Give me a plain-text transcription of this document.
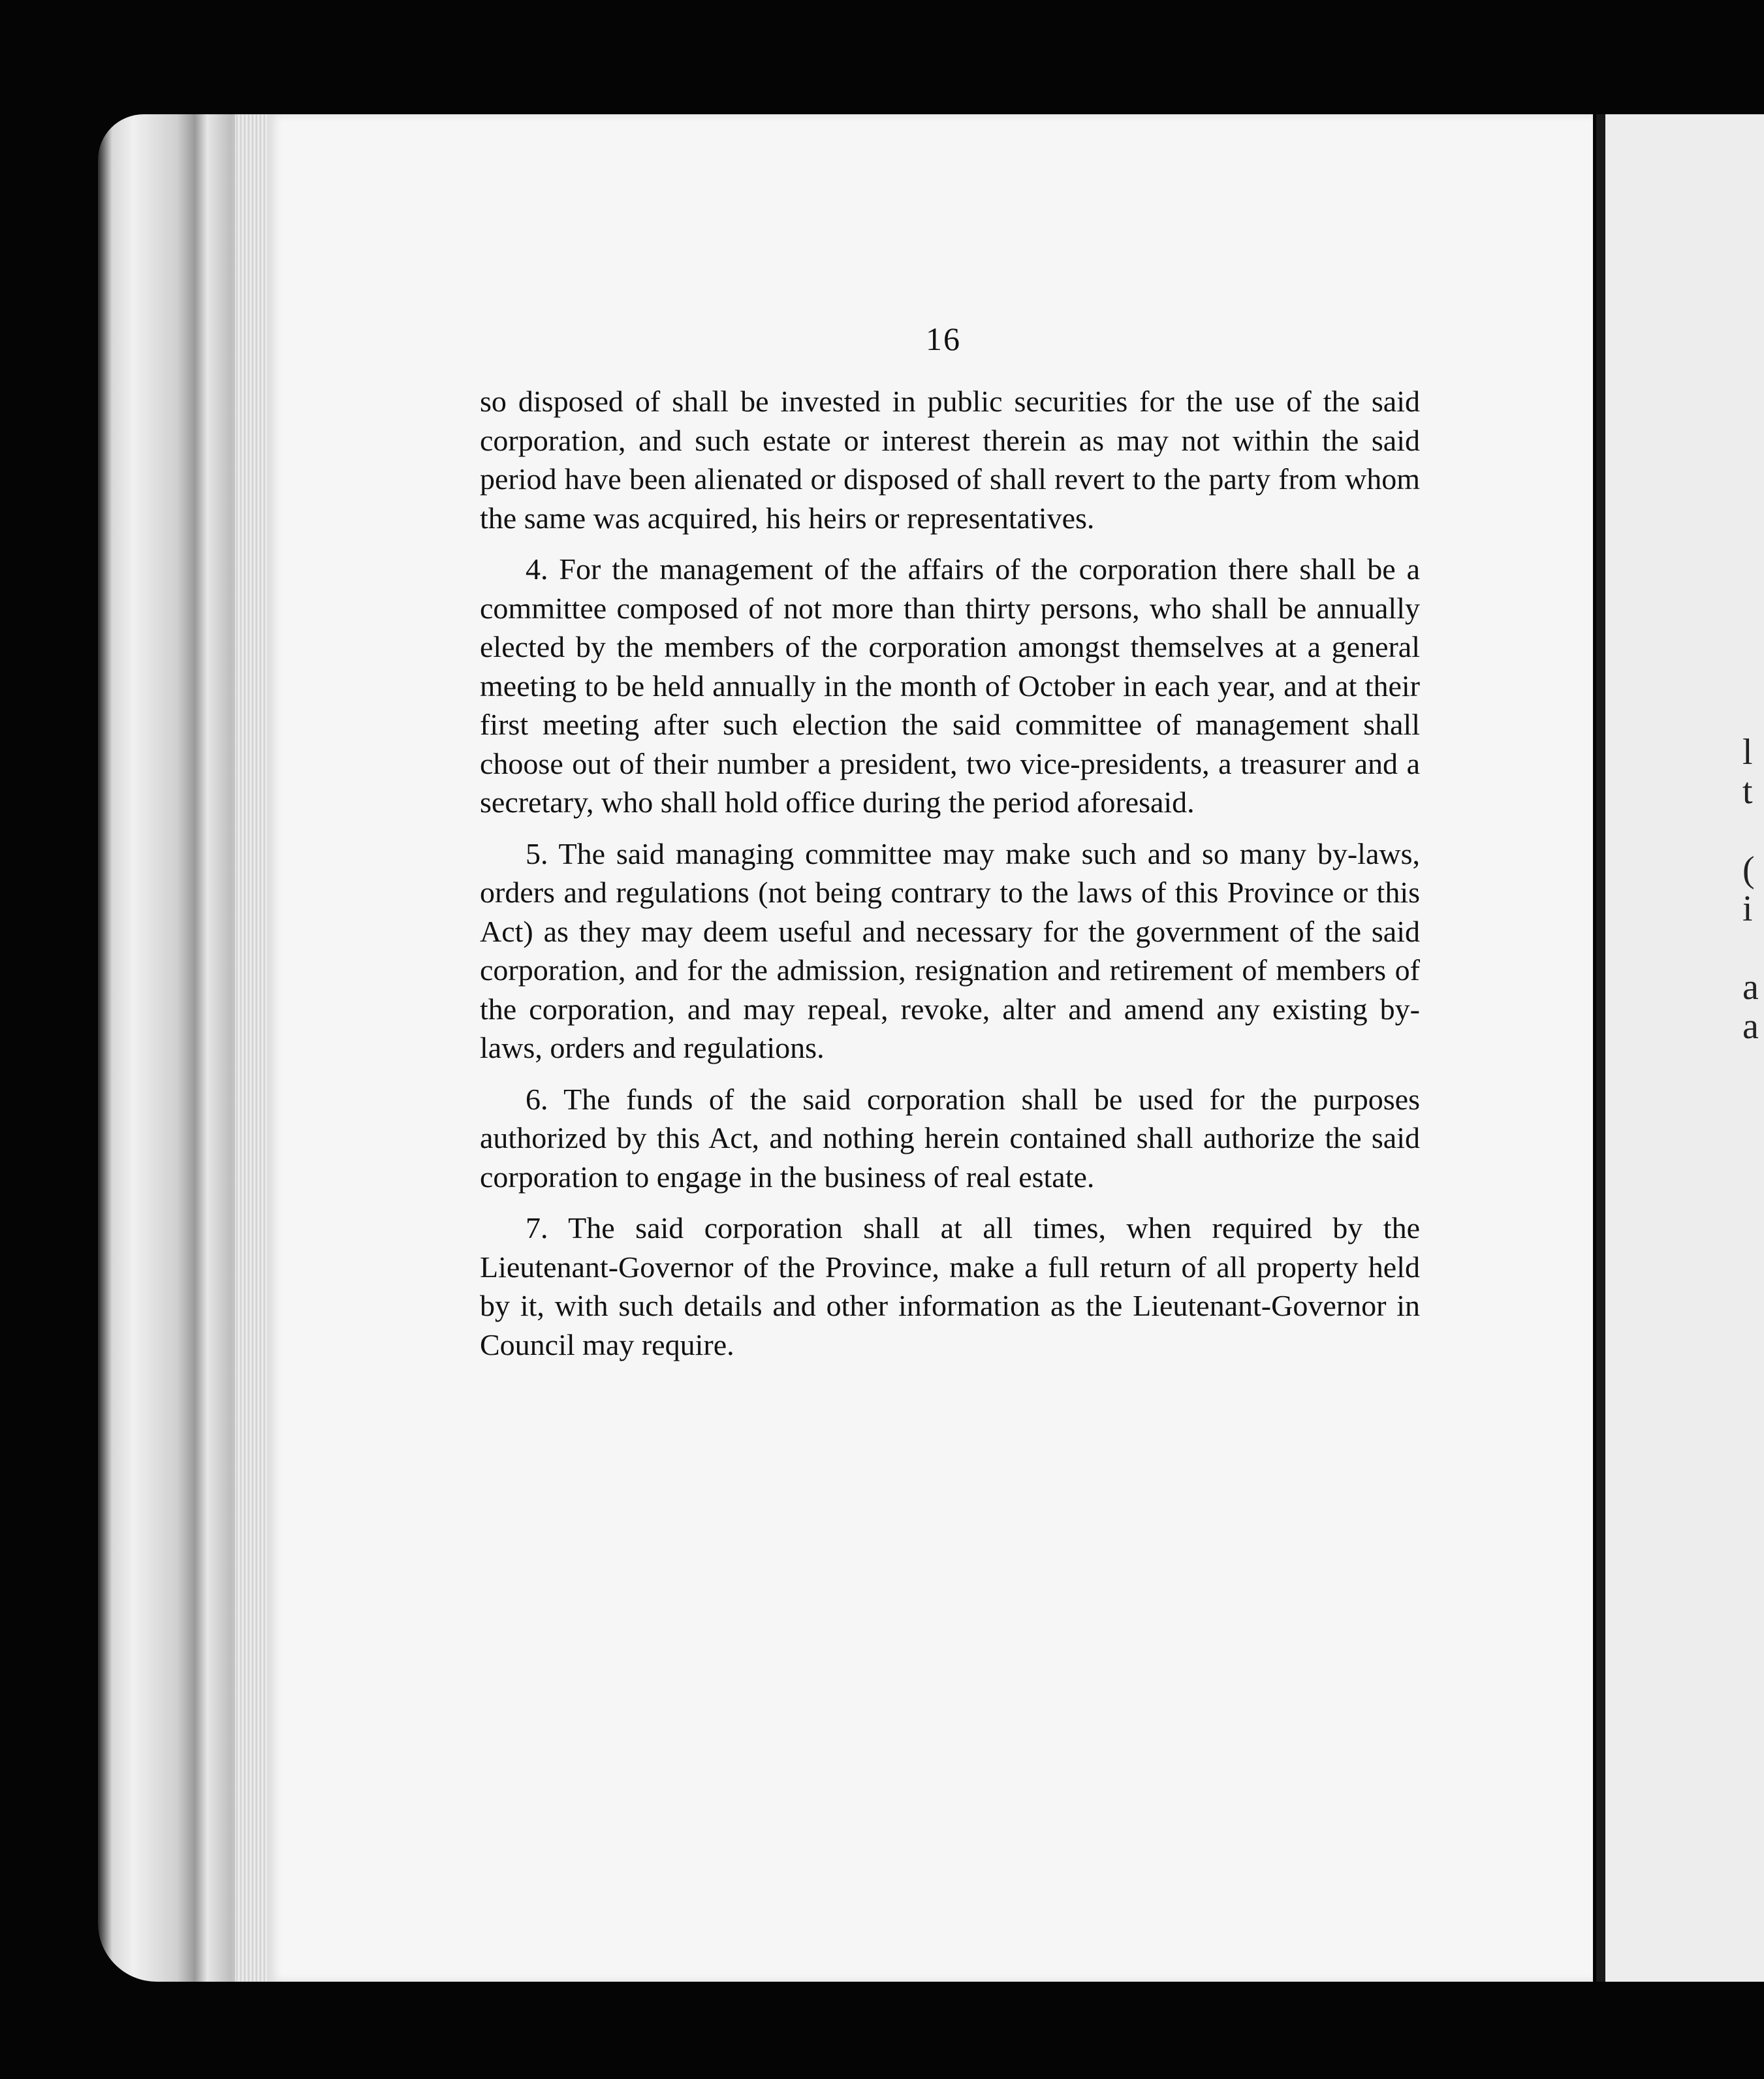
l
t
(
i
a
a
16

so disposed of shall be invested in public securities for the use of the said corporation, and such estate or interest therein as may not within the said period have been alienated or disposed of shall revert to the party from whom the same was acquired, his heirs or representatives.

4. For the management of the affairs of the corporation there shall be a committee composed of not more than thirty persons, who shall be annually elected by the members of the corporation amongst themselves at a general meeting to be held annually in the month of October in each year, and at their first meeting after such election the said committee of management shall choose out of their number a president, two vice-presidents, a treasurer and a secretary, who shall hold office during the period aforesaid.

5. The said managing committee may make such and so many by-laws, orders and regulations (not being contrary to the laws of this Province or this Act) as they may deem useful and necessary for the government of the said corporation, and for the admission, resignation and retirement of members of the corporation, and may repeal, revoke, alter and amend any existing by-laws, orders and regulations.

6. The funds of the said corporation shall be used for the purposes authorized by this Act, and nothing herein contained shall authorize the said corporation to engage in the business of real estate.

7. The said corporation shall at all times, when required by the Lieutenant-Governor of the Province, make a full return of all property held by it, with such details and other information as the Lieutenant-Governor in Council may require.
